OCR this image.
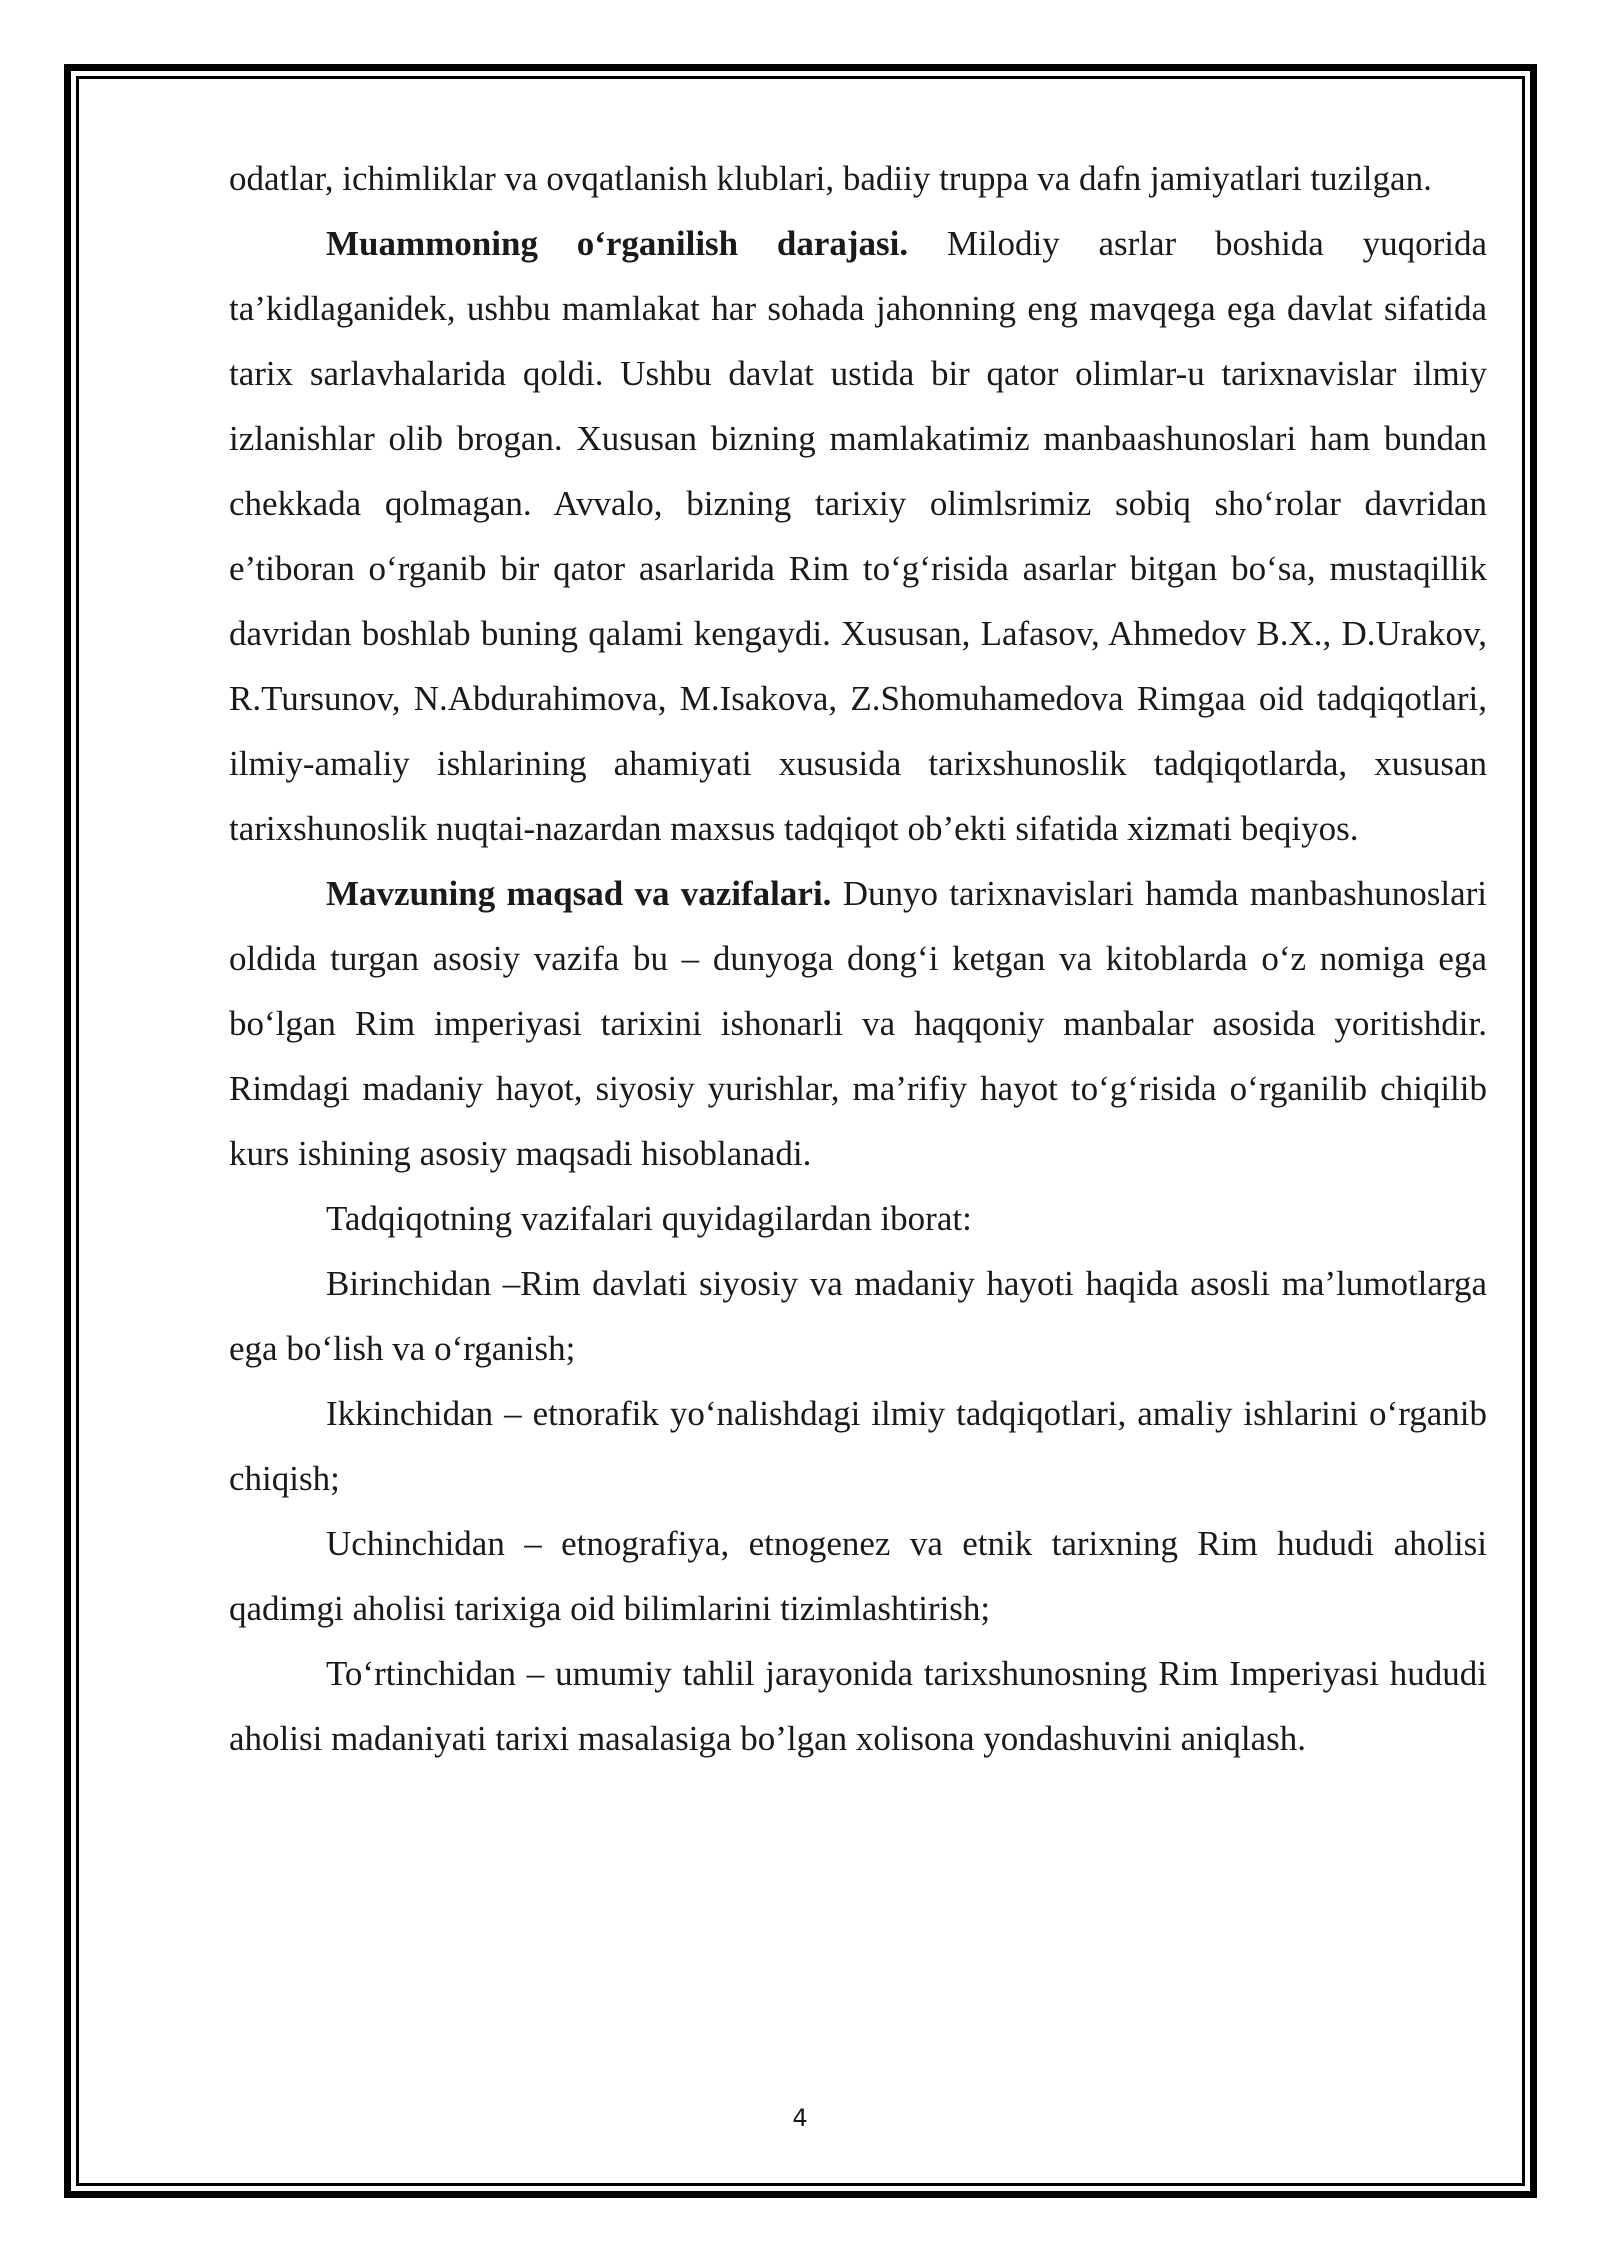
odatlar, ichimliklar va ovqatlanish klublari, badiiy truppa va dafn jamiyatlari tuzilgan.

Muammoning o‘rganilish darajasi. Milodiy asrlar boshida yuqorida ta’kidlaganidek, ushbu mamlakat har sohada jahonning eng mavqega ega davlat sifatida tarix sarlavhalarida qoldi. Ushbu davlat ustida bir qator olimlar-u tarixnavislar ilmiy izlanishlar olib brogan. Xususan bizning mamlakatimiz manbaashunoslari ham bundan chekkada qolmagan. Avvalo, bizning tarixiy olimlsrimiz sobiq sho‘rolar davridan e’tiboran o‘rganib bir qator asarlarida Rim to‘g‘risida asarlar bitgan bo‘sa, mustaqillik davridan boshlab buning qalami kengaydi. Xususan, Lafasov, Ahmedov B.X., D.Urakov, R.Tursunov, N.Abdurahimova, M.Isakova, Z.Shomuhamedova Rimgaa oid tadqiqotlari, ilmiy-amaliy ishlarining ahamiyati xususida tarixshunoslik tadqiqotlarda, xususan tarixshunoslik nuqtai-nazardan maxsus tadqiqot ob’ekti sifatida xizmati beqiyos.

Mavzuning maqsad va vazifalari. Dunyo tarixnavislari hamda manbashunoslari oldida turgan asosiy vazifa bu – dunyoga dong‘i ketgan va kitoblarda o‘z nomiga ega bo‘lgan Rim imperiyasi tarixini ishonarli va haqqoniy manbalar asosida yoritishdir. Rimdagi madaniy hayot, siyosiy yurishlar, ma’rifiy hayot to‘g‘risida o‘rganilib chiqilib kurs ishining asosiy maqsadi hisoblanadi.

Tadqiqotning vazifalari quyidagilardan iborat:

Birinchidan –Rim davlati siyosiy va madaniy hayoti haqida asosli ma’lumotlarga ega bo‘lish va o‘rganish;

Ikkinchidan – etnorafik yo‘nalishdagi ilmiy tadqiqotlari, amaliy ishlarini o‘rganib chiqish;

Uchinchidan – etnografiya, etnogenez va etnik tarixning Rim hududi aholisi qadimgi aholisi tarixiga oid bilimlarini tizimlashtirish;

To‘rtinchidan – umumiy tahlil jarayonida tarixshunosning Rim Imperiyasi hududi aholisi madaniyati tarixi masalasiga bo’lgan xolisona yondashuvini aniqlash.

4
